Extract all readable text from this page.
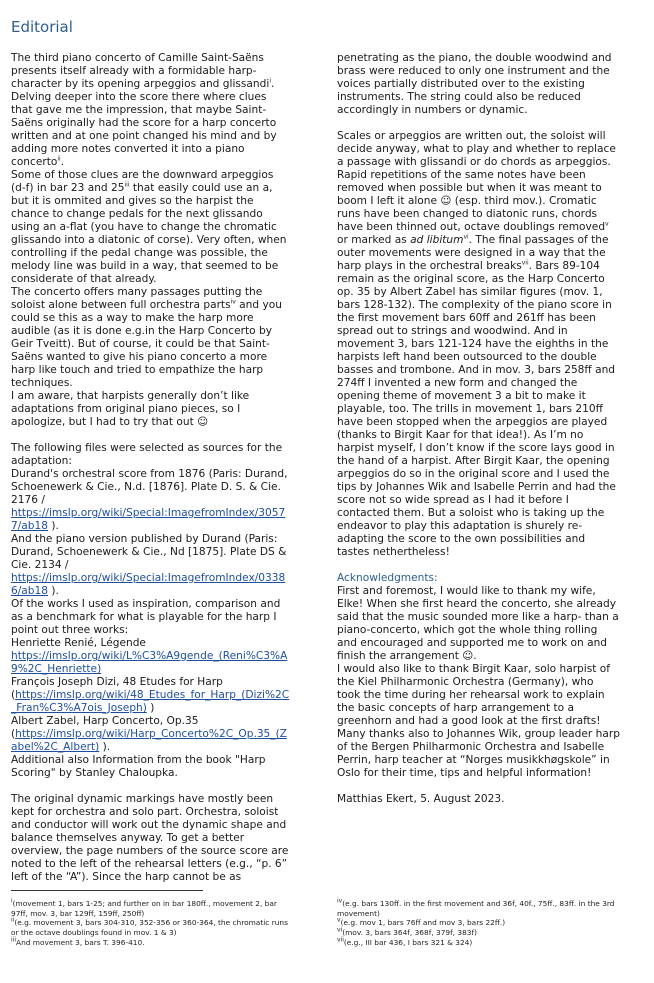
Editorial

The third piano concerto of Camille Saint-Saëns presents itself already with a formidable harp-character by its opening arpeggios and glissandi$^i$. Delving deeper into the score there where clues that gave me the impression, that maybe Saint-Saëns originally had the score for a harp concerto written and at one point changed his mind and by adding more notes converted it into a piano concerto$^{ii}$.

Some of those clues are the downward arpeggios (d-f) in bar 23 and 25$^{iii}$ that easily could use an a, but it is ommited and gives so the harpist the chance to change pedals for the next glissando using an a-flat (you have to change the chromatic glissando into a diatonic of corse). Very often, when controlling if the pedal change was possible, the melody line was build in a way, that seemed to be considerate of that already.

The concerto offers many passages putting the soloist alone between full orchestra parts$^{iv}$ and you could se this as a way to make the harp more audible (as it is done e.g.in the Harp Concerto by Geir Tveitt). But of course, it could be that Saint-Saëns wanted to give his piano concerto a more harp like touch and tried to empathize the harp techniques.

I am aware, that harpists generally don’t like adaptations from original piano pieces, so I apologize, but I had to try that out ☺

The following files were selected as sources for the adaptation:

Durand's orchestral score from 1876 (Paris: Durand, Schoenewerk & Cie., N.d. [1876]. Plate D. S. & Cie. 2176 /
https://imslp.org/wiki/Special:ImagefromIndex/30577/ab18 ).

And the piano version published by Durand (Paris: Durand, Schoenewerk & Cie., Nd [1875]. Plate DS & Cie. 2134 /
https://imslp.org/wiki/Special:ImagefromIndex/03386/ab18 ).

Of the works I used as inspiration, comparison and as a benchmark for what is playable for the harp I point out three works:

Henriette Renié, Légende
https://imslp.org/wiki/L%C3%A9gende_(Reni%C3%A9%2C_Henriette)

François Joseph Dizi, 48 Etudes for Harp
(https://imslp.org/wiki/48_Etudes_for_Harp_(Dizi%2C_Fran%C3%A7ois_Joseph) )

Albert Zabel, Harp Concerto, Op.35
(https://imslp.org/wiki/Harp_Concerto%2C_Op.35_(Zabel%2C_Albert) ).

Additional also Information from the book "Harp Scoring" by Stanley Chaloupka.

The original dynamic markings have mostly been kept for orchestra and solo part. Orchestra, soloist and conductor will work out the dynamic shape and balance themselves anyway. To get a better overview, the page numbers of the source score are noted to the left of the rehearsal letters (e.g., “p. 6” left of the “A”). Since the harp cannot be as

penetrating as the piano, the double woodwind and brass were reduced to only one instrument and the voices partially distributed over to the existing instruments. The string could also be reduced accordingly in numbers or dynamic.

Scales or arpeggios are written out, the soloist will decide anyway, what to play and whether to replace a passage with glissandi or do chords as arpeggios. Rapid repetitions of the same notes have been removed when possible but when it was meant to boom I left it alone ☺ (esp. third mov.). Cromatic runs have been changed to diatonic runs, chords have been thinned out, octave doublings removed$^v$ or marked as ad libitum$^{vi}$. The final passages of the outer movements were designed in a way that the harp plays in the orchestral breaks$^{vii}$. Bars 89-104 remain as the original score, as the Harp Concerto op. 35 by Albert Zabel has similar figures (mov. 1, bars 128-132). The complexity of the piano score in the first movement bars 60ff and 261ff has been spread out to strings and woodwind. And in movement 3, bars 121-124 have the eighths in the harpists left hand been outsourced to the double basses and trombone. And in mov. 3, bars 258ff and 274ff I invented a new form and changed the opening theme of movement 3 a bit to make it playable, too. The trills in movement 1, bars 210ff have been stopped when the arpeggios are played (thanks to Birgit Kaar for that idea!). As I’m no harpist myself, I don’t know if the score lays good in the hand of a harpist. After Birgit Kaar, the opening arpeggios do so in the original score and I used the tips by Johannes Wik and Isabelle Perrin and had the score not so wide spread as I had it before I contacted them. But a soloist who is taking up the endeavor to play this adaptation is shurely re-adapting the score to the own possibilities and tastes nethertheless!

Acknowledgments:

First and foremost, I would like to thank my wife, Elke! When she first heard the concerto, she already said that the music sounded more like a harp- than a piano-concerto, which got the whole thing rolling and encouraged and supported me to work on and finish the arrangement ☺.

I would also like to thank Birgit Kaar, solo harpist of the Kiel Philharmonic Orchestra (Germany), who took the time during her rehearsal work to explain the basic concepts of harp arrangement to a greenhorn and had a good look at the first drafts! Many thanks also to Johannes Wik, group leader harp of the Bergen Philharmonic Orchestra and Isabelle Perrin, harp teacher at “Norges musikkhøgskole” in Oslo for their time, tips and helpful information!

Matthias Ekert, 5. August 2023.

$^i$(movement 1, bars 1-25; and further on in bar 180ff., movement 2, bar 97ff, mov. 3, bar 129ff, 159ff, 250ff)

$^{ii}$(e.g. movement 3, bars 304-310, 352-356 or 360-364, the chromatic runs or the octave doublings found in mov. 1 & 3)

$^{iii}$And movement 3, bars T. 396-410.

$^{iv}$(e.g. bars 130ff. in the first movement and 36f, 40f., 75ff., 83ff. in the 3rd movement)

$^v$(e.g. mov 1, bars 76ff and mov 3, bars 22ff.)

$^{vi}$(mov. 3, bars 364f, 368f, 379f, 383f)

$^{vii}$(e.g., III bar 436, I bars 321 & 324)
